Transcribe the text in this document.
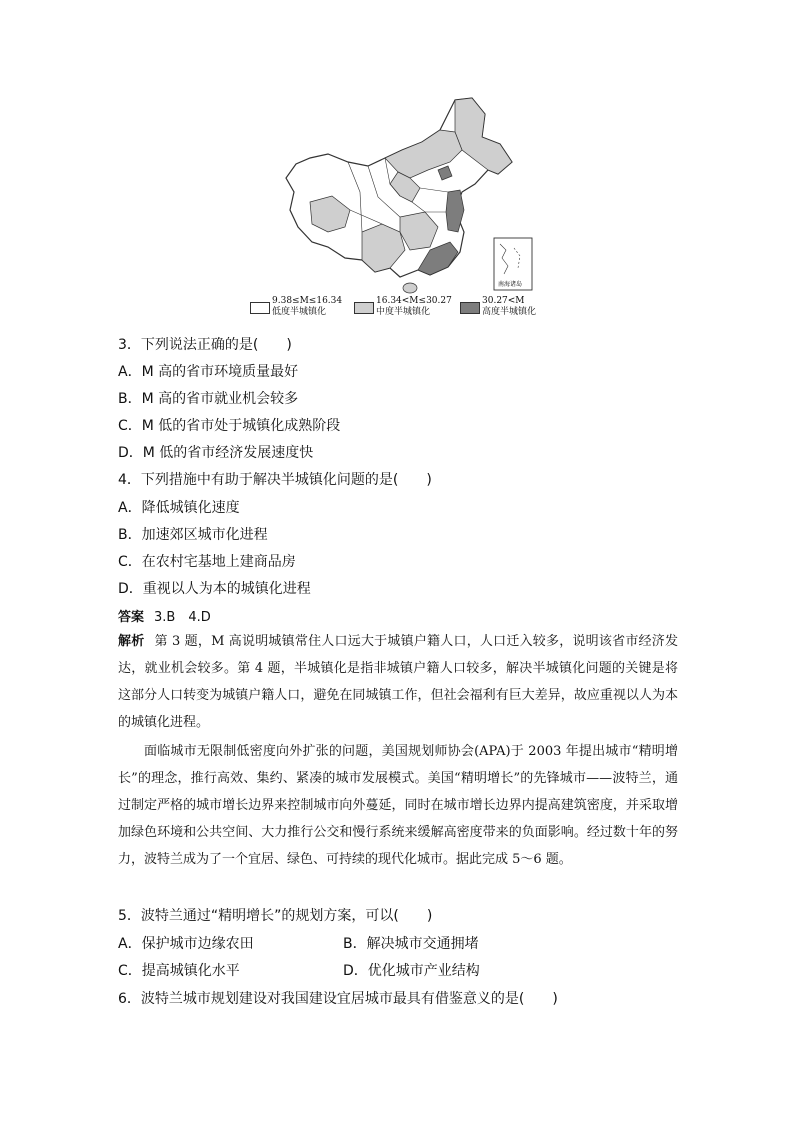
南海诸岛
9.38≤M≤16.34
低度半城镇化
16.34<M≤30.27
中度半城镇化
30.27<M
高度半城镇化
3．下列说法正确的是(　　)
A．M 高的省市环境质量最好
B．M 高的省市就业机会较多
C．M 低的省市处于城镇化成熟阶段
D．M 低的省市经济发展速度快
4．下列措施中有助于解决半城镇化问题的是(　　)
A．降低城镇化速度
B．加速郊区城市化进程
C．在农村宅基地上建商品房
D．重视以人为本的城镇化进程
答案 3.B　4.D
解析 第 3 题，M 高说明城镇常住人口远大于城镇户籍人口，人口迁入较多，说明该省市经济发达，就业机会较多。第 4 题，半城镇化是指非城镇户籍人口较多，解决半城镇化问题的关键是将这部分人口转变为城镇户籍人口，避免在同城镇工作，但社会福利有巨大差异，故应重视以人为本的城镇化进程。
面临城市无限制低密度向外扩张的问题，美国规划师协会(APA)于 2003 年提出城市“精明增长”的理念，推行高效、集约、紧凑的城市发展模式。美国“精明增长”的先锋城市——波特兰，通过制定严格的城市增长边界来控制城市向外蔓延，同时在城市增长边界内提高建筑密度，并采取增加绿色环境和公共空间、大力推行公交和慢行系统来缓解高密度带来的负面影响。经过数十年的努力，波特兰成为了一个宜居、绿色、可持续的现代化城市。据此完成 5～6 题。
5．波特兰通过“精明增长”的规划方案，可以(　　)
A．保护城市边缘农田	B．解决城市交通拥堵
C．提高城镇化水平	D．优化城市产业结构
6．波特兰城市规划建设对我国建设宜居城市最具有借鉴意义的是(　　)
